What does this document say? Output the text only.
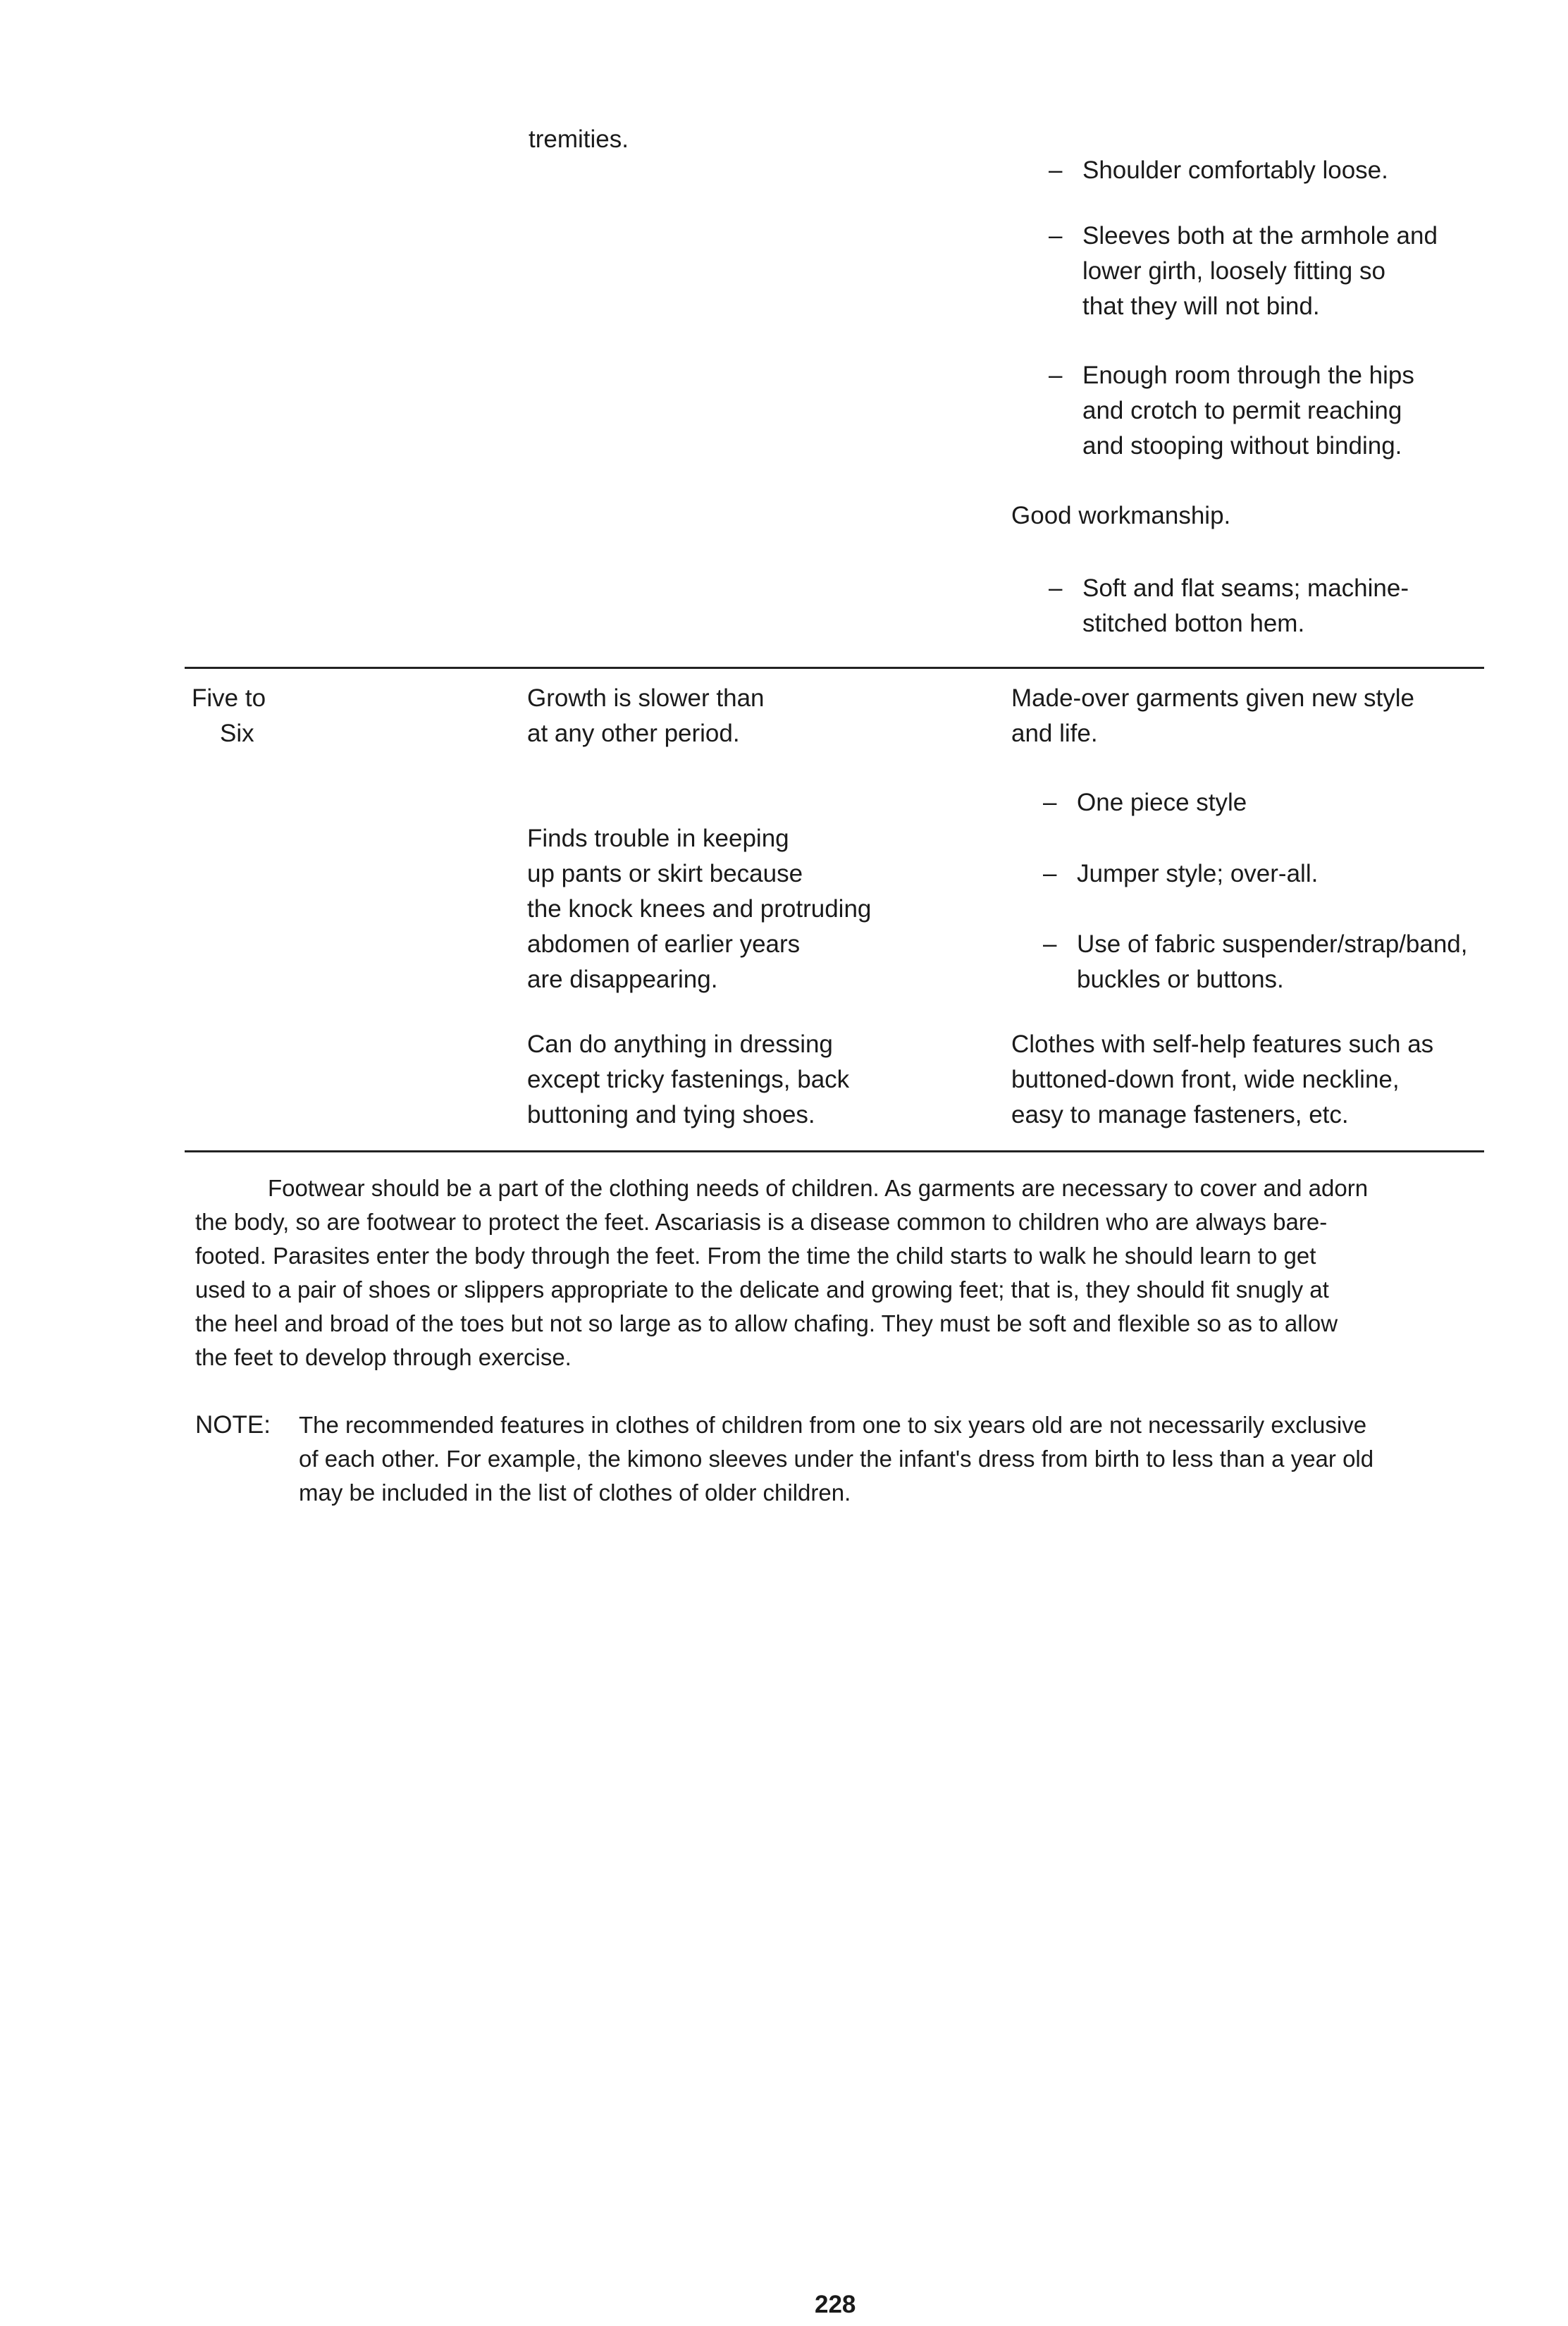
tremities.
– Shoulder comfortably loose.
– Sleeves both at the armhole and
lower girth, loosely fitting so
that they will not bind.
– Enough room through the hips
and crotch to permit reaching
and stooping without binding.
Good workmanship.
– Soft and flat seams; machine-
stitched botton hem.
Five to
Six
Growth is slower than
at any other period.
Finds trouble in keeping
up pants or skirt because
the knock knees and protruding
abdomen of earlier years
are disappearing.
Can do anything in dressing
except tricky fastenings, back
buttoning and tying shoes.
Made-over garments given new style
and life.
– One piece style
– Jumper style; over-all.
– Use of fabric suspender/strap/band,
buckles or buttons.
Clothes with self-help features such as
buttoned-down front, wide neckline,
easy to manage fasteners, etc.
Footwear should be a part of the clothing needs of children. As garments are necessary to cover and adorn
the body, so are footwear to protect the feet. Ascariasis is a disease common to children who are always bare-
footed. Parasites enter the body through the feet. From the time the child starts to walk he should learn to get
used to a pair of shoes or slippers appropriate to the delicate and growing feet; that is, they should fit snugly at
the heel and broad of the toes but not so large as to allow chafing. They must be soft and flexible so as to allow
the feet to develop through exercise.
NOTE: The recommended features in clothes of children from one to six years old are not necessarily exclusive
of each other. For example, the kimono sleeves under the infant's dress from birth to less than a year old
may be included in the list of clothes of older children.
228
